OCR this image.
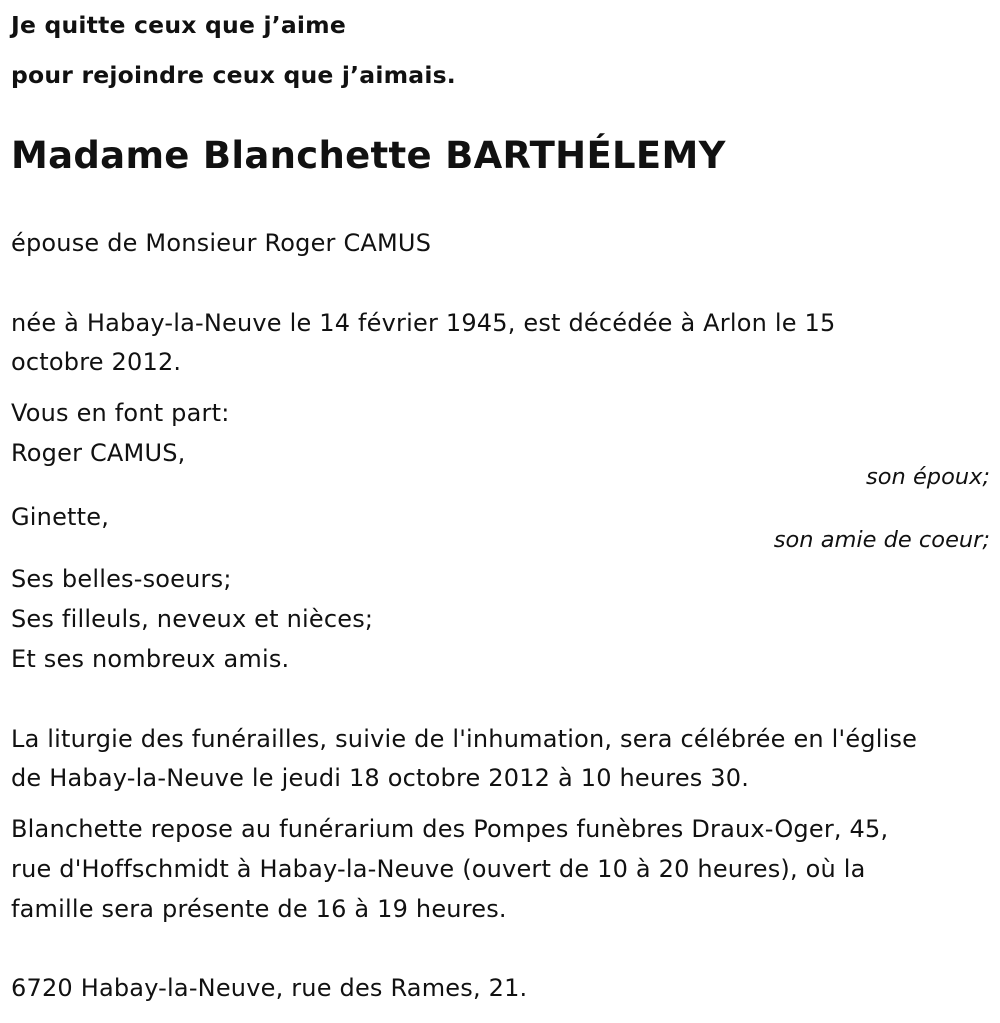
Je quitte ceux que j’aime
pour rejoindre ceux que j’aimais.
Madame Blanchette BARTHÉLEMY
épouse de Monsieur Roger CAMUS
née à Habay-la-Neuve le 14 février 1945, est décédée à Arlon le 15
octobre 2012.
Vous en font part:
Roger CAMUS,
son époux;
Ginette,
son amie de coeur;
Ses belles-soeurs;
Ses filleuls, neveux et nièces;
Et ses nombreux amis.
La liturgie des funérailles, suivie de l'inhumation, sera célébrée en l'église
de Habay-la-Neuve le jeudi 18 octobre 2012 à 10 heures 30.
Blanchette repose au funérarium des Pompes funèbres Draux-Oger, 45,
rue d'Hoffschmidt à Habay-la-Neuve (ouvert de 10 à 20 heures), où la
famille sera présente de 16 à 19 heures.
6720 Habay-la-Neuve, rue des Rames, 21.
